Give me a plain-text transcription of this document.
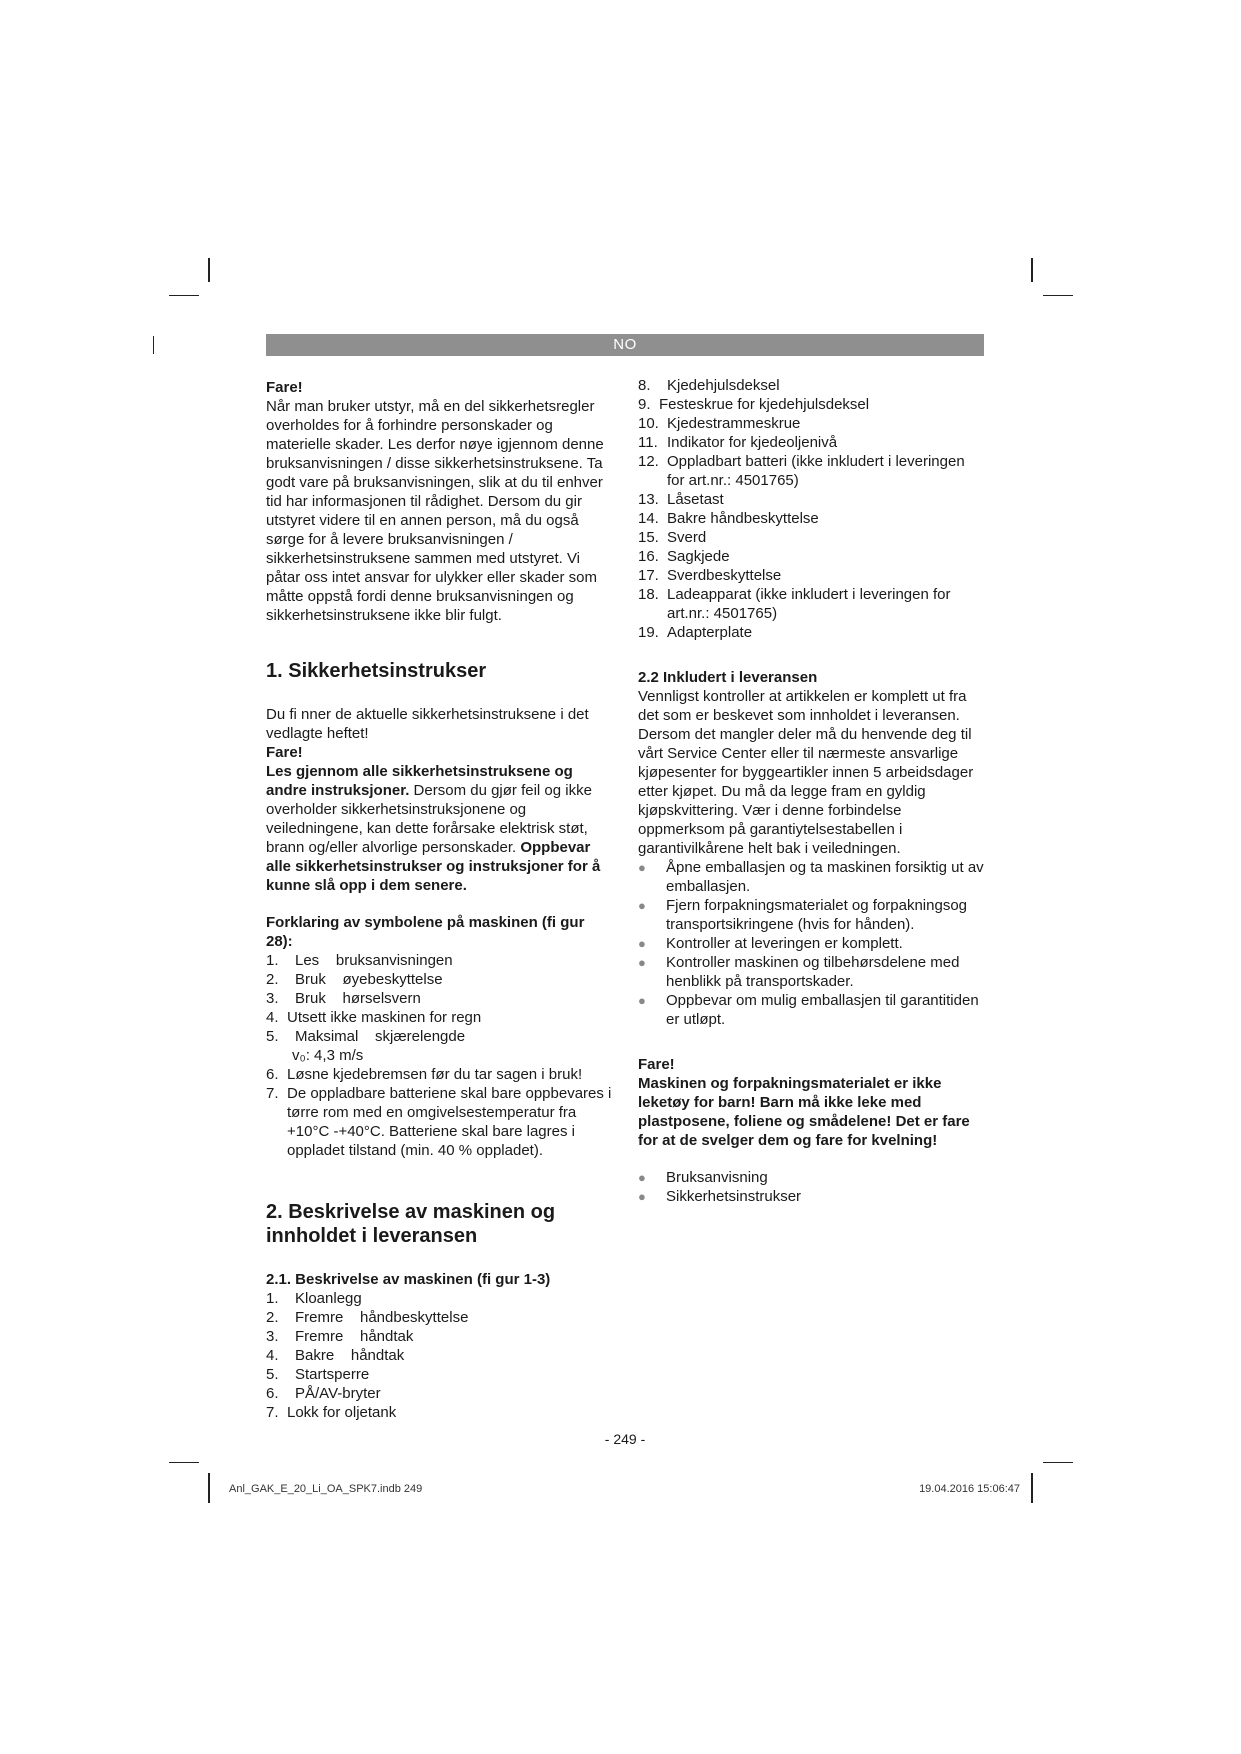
NO

Fare!

Når man bruker utstyr, må en del sikkerhetsregler overholdes for å forhindre personskader og materielle skader. Les derfor nøye igjennom denne bruksanvisningen / disse sikkerhetsinstruksene. Ta godt vare på bruksanvisningen, slik at du til enhver tid har informasjonen til rådighet. Dersom du gir utstyret videre til en annen person, må du også sørge for å levere bruksanvisningen / sikkerhetsinstruksene sammen med utstyret. Vi påtar oss intet ansvar for ulykker eller skader som måtte oppstå fordi denne bruksanvisningen og sikkerhetsinstruksene ikke blir fulgt.

1. Sikkerhetsinstrukser

Du fi nner de aktuelle sikkerhetsinstruksene i det vedlagte heftet!

Fare!

Les gjennom alle sikkerhetsinstruksene og andre instruksjoner. Dersom du gjør feil og ikke overholder sikkerhetsinstruksjonene og veiledningene, kan dette forårsake elektrisk støt, brann og/eller alvorlige personskader. Oppbevar alle sikkerhetsinstrukser og instruksjoner for å kunne slå opp i dem senere.

Forklaring av symbolene på maskinen (fi gur 28):

1.	Les    bruksanvisningen
2.	Bruk    øyebeskyttelse
3.	Bruk    hørselsvern
4. Utsett ikke maskinen for regn
5.	Maksimal    skjærelengde
v₀: 4,3 m/s
6. Løsne kjedebremsen før du tar sagen i bruk!
7. De oppladbare batteriene skal bare oppbevares i tørre rom med en omgivelsestemperatur fra +10°C -+40°C. Batteriene skal bare lagres i oppladet tilstand (min. 40 % oppladet).
2. Beskrivelse av maskinen og innholdet i leveransen

2.1. Beskrivelse av maskinen (fi gur 1-3)

1.	Kloanlegg
2.	Fremre    håndbeskyttelse
3.	Fremre    håndtak
4.	Bakre    håndtak
5.	Startsperre
6.	PÅ/AV-bryter
7. Lokk for oljetank
8.	Kjedehjulsdeksel
9. Festeskrue for kjedehjulsdeksel
10. Kjedestrammeskrue
11. Indikator for kjedeoljenivå
12. Oppladbart batteri (ikke inkludert i leveringen for art.nr.: 4501765)
13. Låsetast
14. Bakre håndbeskyttelse
15. Sverd
16. Sagkjede
17. Sverdbeskyttelse
18. Ladeapparat (ikke inkludert i leveringen for art.nr.: 4501765)
19. Adapterplate

2.2 Inkludert i leveransen

Vennligst kontroller at artikkelen er komplett ut fra det som er beskevet som innholdet i leveransen. Dersom det mangler deler må du henvende deg til vårt Service Center eller til nærmeste ansvarlige kjøpesenter for byggeartikler innen 5 arbeidsdager etter kjøpet. Du må da legge fram en gyldig kjøpskvittering. Vær i denne forbindelse oppmerksom på garantiytelsestabellen i garantivilkårene helt bak i veiledningen.

●	Åpne emballasjen og ta maskinen forsiktig ut av emballasjen.
●	Fjern forpakningsmaterialet og forpakningsog transportsikringene (hvis for hånden).
●	Kontroller at leveringen er komplett.
●	Kontroller maskinen og tilbehørsdelene med henblikk på transportskader.
●	Oppbevar om mulig emballasjen til garantitiden er utløpt.

Fare!

Maskinen og forpakningsmaterialet er ikke leketøy for barn! Barn må ikke leke med plastposene, foliene og smådelene! Det er fare for at de svelger dem og fare for kvelning!

●	Bruksanvisning
●	Sikkerhetsinstrukser
- 249 -
Anl_GAK_E_20_Li_OA_SPK7.indb 249	19.04.2016 15:06:47
